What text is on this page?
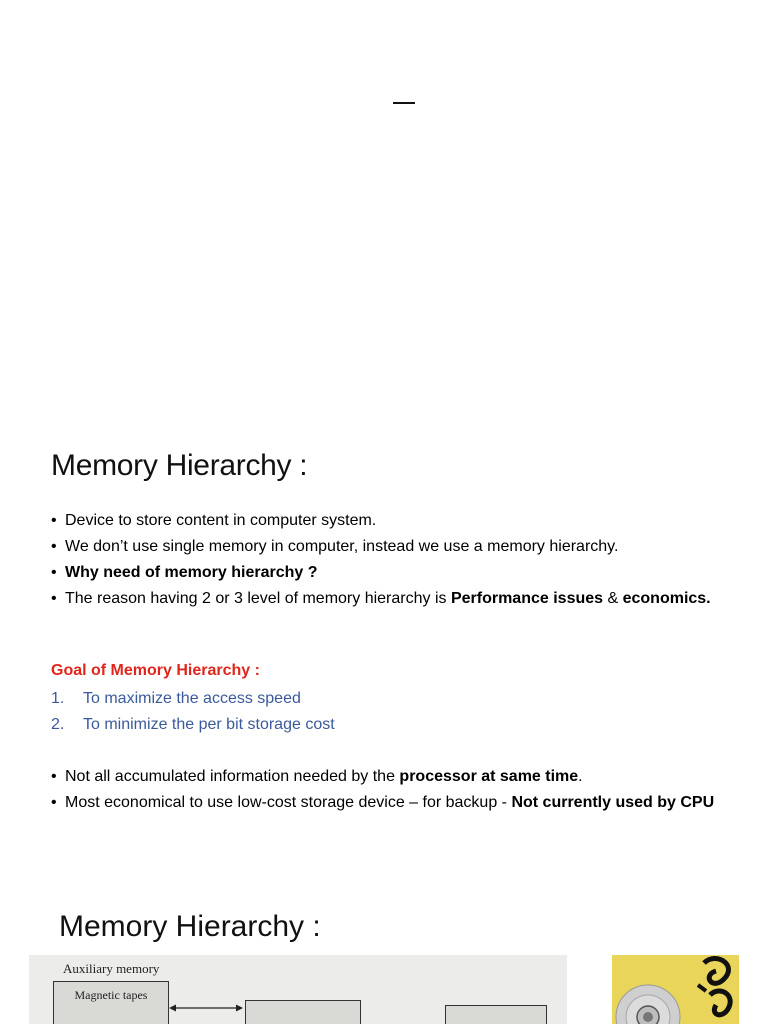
Memory Hierarchy :
• Device to store content in computer system.
• We don’t use single memory in computer, instead we use a memory hierarchy.
• Why need of memory hierarchy ?
• The reason having 2 or 3 level of memory hierarchy is Performance issues & economics.
Goal of Memory Hierarchy :
1. To maximize the access speed
2. To minimize the per bit storage cost
• Not all accumulated information needed by the processor at same time.
• Most economical to use low-cost storage device – for backup - Not currently used by CPU
Memory Hierarchy :
Auxiliary memory
Magnetic tapes
